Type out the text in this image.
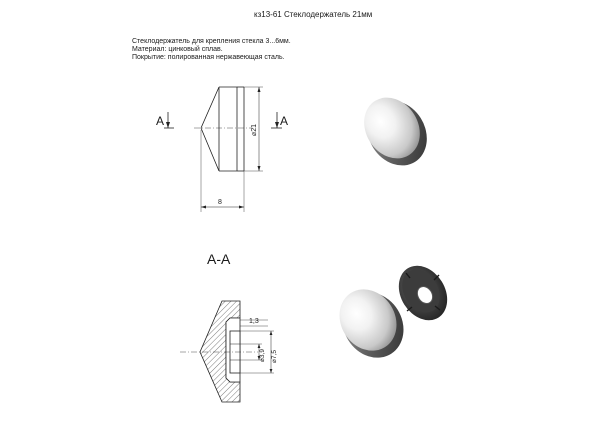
кз13-61 Стеклодержатель 21мм
Стеклодержатель для крепления стекла 3...6мм.
Материал: цинковый сплав.
Покрытие: полированная нержавеющая сталь.
⌀21
8
A	A
A-A
1,3
⌀3,9
⌀7,5
